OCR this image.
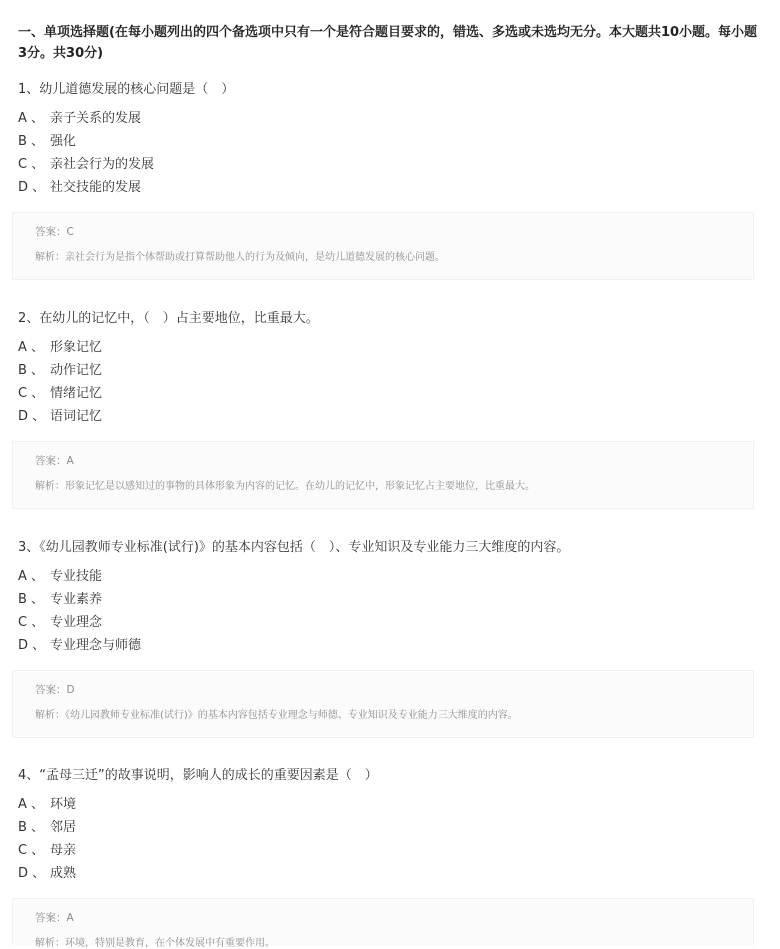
一、单项选择题(在每小题列出的四个备选项中只有一个是符合题目要求的，错选、多选或未选均无分。本大题共10小题。每小题3分。共30分)

1、幼儿道德发展的核心问题是（　）

A 、 亲子关系的发展
B 、 强化
C 、 亲社会行为的发展
D 、 社交技能的发展
答案：C
解析：亲社会行为是指个体帮助或打算帮助他人的行为及倾向，是幼儿道德发展的核心问题。

2、在幼儿的记忆中，（　）占主要地位，比重最大。

A 、 形象记忆
B 、 动作记忆
C 、 情绪记忆
D 、 语词记忆
答案：A
解析：形象记忆是以感知过的事物的具体形象为内容的记忆。在幼儿的记忆中，形象记忆占主要地位，比重最大。

3、《幼儿园教师专业标准(试行)》的基本内容包括（　）、专业知识及专业能力三大维度的内容。

A 、 专业技能
B 、 专业素养
C 、 专业理念
D 、 专业理念与师德
答案：D
解析：《幼儿园教师专业标准(试行)》的基本内容包括专业理念与师德、专业知识及专业能力三大维度的内容。

4、“孟母三迁”的故事说明，影响人的成长的重要因素是（　）

A 、 环境
B 、 邻居
C 、 母亲
D 、 成熟
答案：A
解析：环境，特别是教育，在个体发展中有重要作用。
